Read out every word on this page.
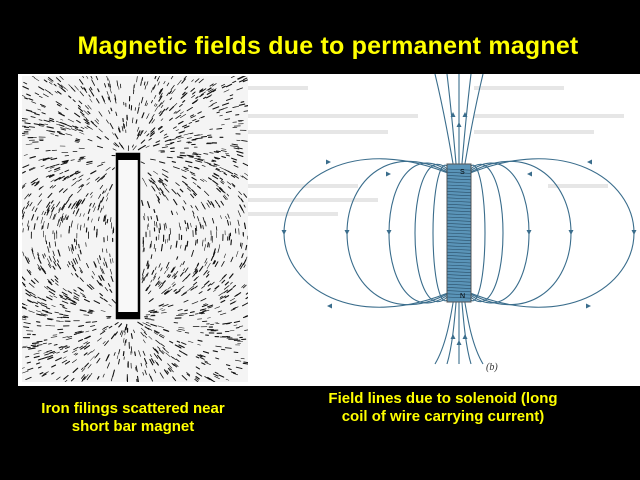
Magnetic fields due to permanent magnet
S
N
(b)
Iron filings scattered near short bar magnet
Field lines due to solenoid (long coil of wire carrying current)
